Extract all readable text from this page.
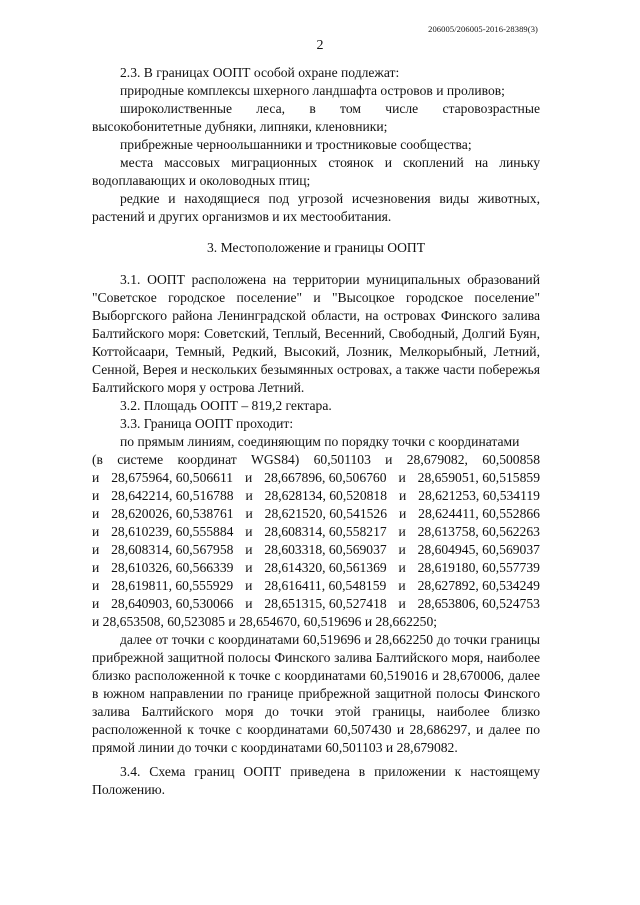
206005/206005-2016-28389(3)
2

2.3. В границах ООПТ особой охране подлежат:

природные комплексы шхерного ландшафта островов и проливов;

широколиственные леса, в том числе старовозрастные высокобонитетные дубняки, липняки, кленовники;

прибрежные черноольшанники и тростниковые сообщества;

места массовых миграционных стоянок и скоплений на линьку водоплавающих и околоводных птиц;

редкие и находящиеся под угрозой исчезновения виды животных, растений и других организмов и их местообитания.

3. Местоположение и границы ООПТ

3.1. ООПТ расположена на территории муниципальных образований "Советское городское поселение" и "Высоцкое городское поселение" Выборгского района Ленинградской области, на островах Финского залива Балтийского моря: Советский, Теплый, Весенний, Свободный, Долгий Буян, Коттойсаари, Темный, Редкий, Высокий, Лозник, Мелкорыбный, Летний, Сенной, Верея и нескольких безымянных островах, а также части побережья Балтийского моря у острова Летний.

3.2. Площадь ООПТ – 819,2 гектара.

3.3. Граница ООПТ проходит:

по прямым линиям, соединяющим по порядку точки с координатами

(в системе координат WGS84) 60,501103 и 28,679082, 60,500858

и 28,675964, 60,506611 и 28,667896, 60,506760 и 28,659051, 60,515859
и 28,642214, 60,516788 и 28,628134, 60,520818 и 28,621253, 60,534119
и 28,620026, 60,538761 и 28,621520, 60,541526 и 28,624411, 60,552866
и 28,610239, 60,555884 и 28,608314, 60,558217 и 28,613758, 60,562263
и 28,608314, 60,567958 и 28,603318, 60,569037 и 28,604945, 60,569037
и 28,610326, 60,566339 и 28,614320, 60,561369 и 28,619180, 60,557739
и 28,619811, 60,555929 и 28,616411, 60,548159 и 28,627892, 60,534249
и 28,640903, 60,530066 и 28,651315, 60,527418 и 28,653806, 60,524753

и 28,653508, 60,523085 и 28,654670, 60,519696 и 28,662250;

далее от точки с координатами 60,519696 и 28,662250 до точки границы прибрежной защитной полосы Финского залива Балтийского моря, наиболее близко расположенной к точке с координатами 60,519016 и 28,670006, далее в южном направлении по границе прибрежной защитной полосы Финского залива Балтийского моря до точки этой границы, наиболее близко расположенной к точке с координатами 60,507430 и 28,686297, и далее по прямой линии до точки с координатами 60,501103 и 28,679082.

3.4. Схема границ ООПТ приведена в приложении к настоящему Положению.
